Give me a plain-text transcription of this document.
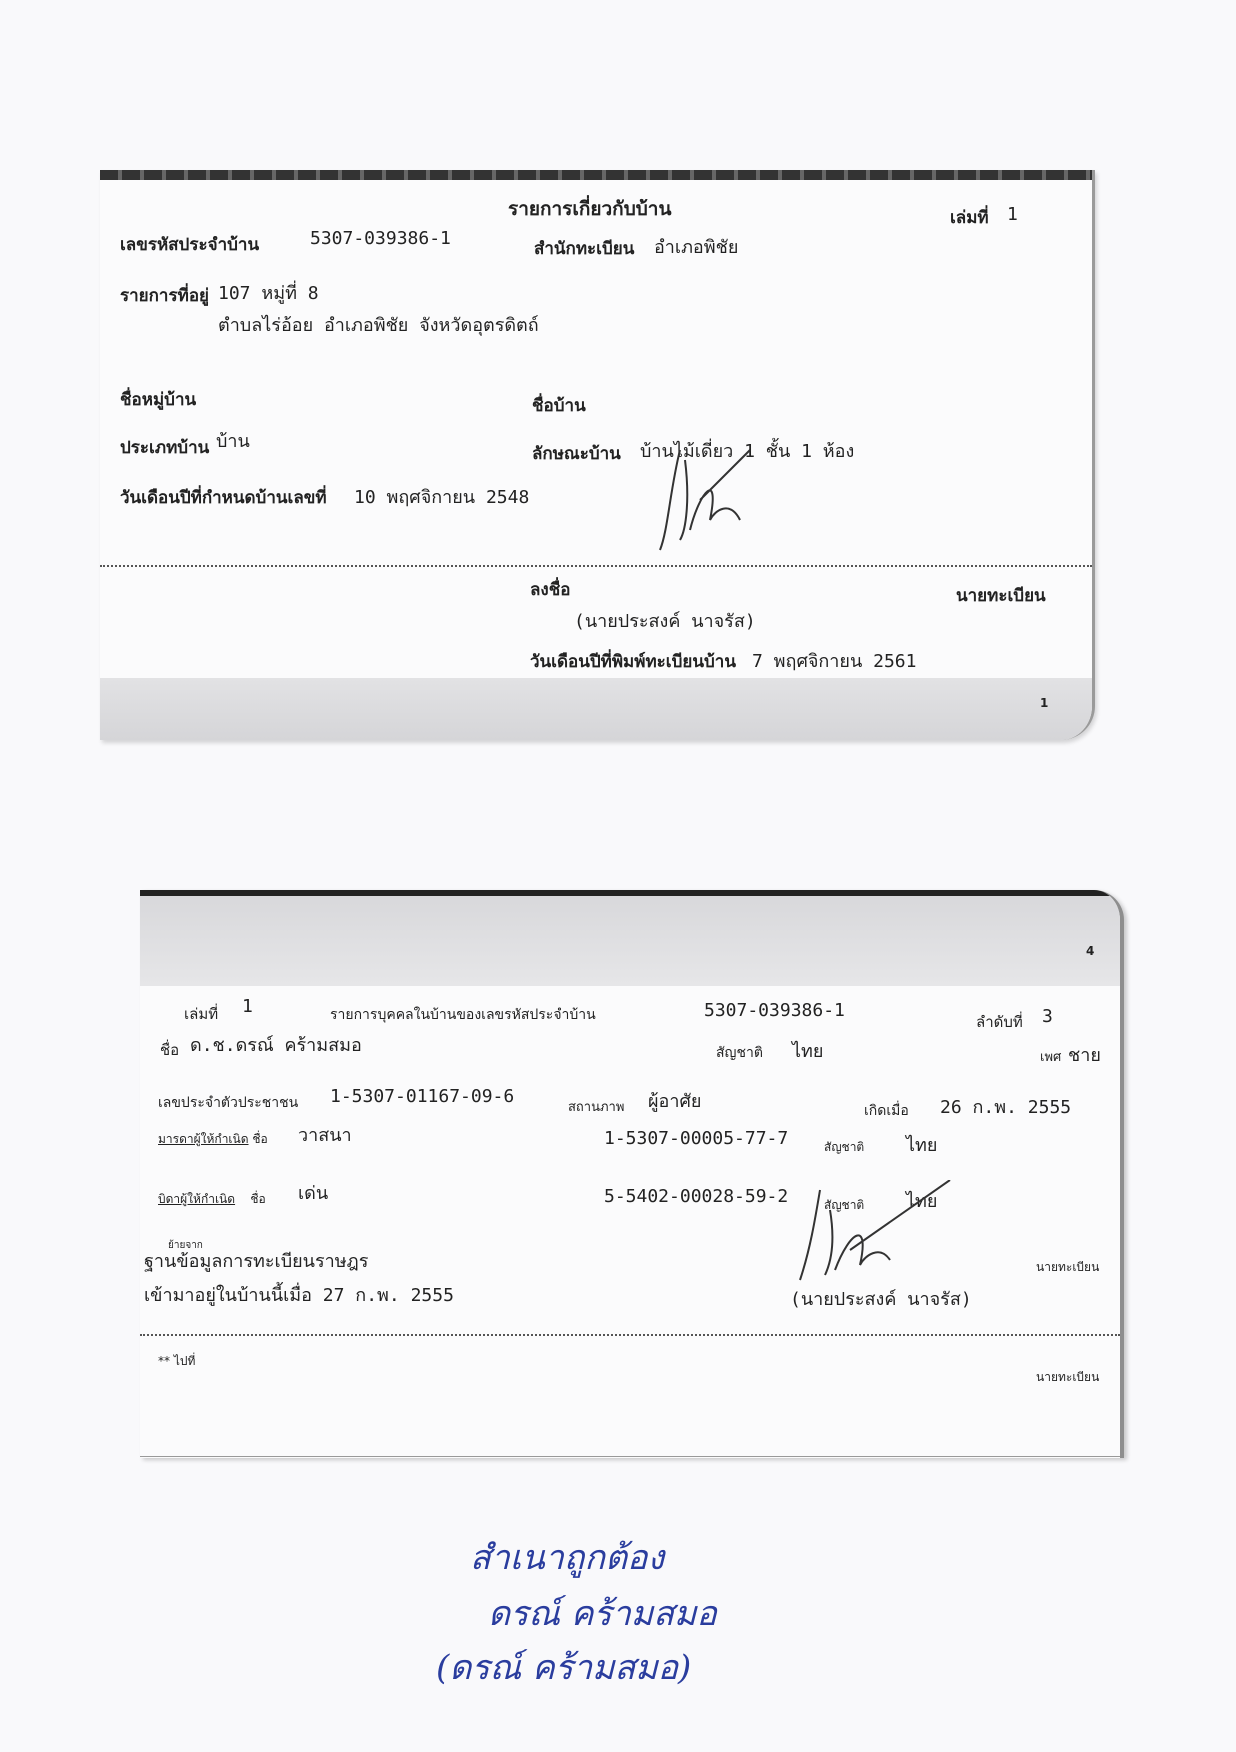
รายการเกี่ยวกับบ้าน	เล่มที่ 1
เลขรหัสประจำบ้าน	5307-039386-1	สำนักทะเบียน อำเภอพิชัย
รายการที่อยู่ 107 หมู่ที่ 8
ตำบลไร่อ้อย อำเภอพิชัย จังหวัดอุตรดิตถ์
ชื่อหมู่บ้าน	ชื่อบ้าน
ประเภทบ้าน บ้าน
ลักษณะบ้าน บ้านไม้เดี่ยว 1 ชั้น 1 ห้อง
วันเดือนปีที่กำหนดบ้านเลขที่ 10 พฤศจิกายน 2548
ลงชื่อ	นายทะเบียน
(นายประสงค์ นาจรัส)
วันเดือนปีที่พิมพ์ทะเบียนบ้าน 7 พฤศจิกายน 2561
1
4
เล่มที่ 1	รายการบุคคลในบ้านของเลขรหัสประจำบ้าน	5307-039386-1
ลำดับที่ 3
ชื่อ ด.ช.ดรณ์ คร้ามสมอ	สัญชาติ ไทย	เพศ ชาย
เลขประจำตัวประชาชน 1-5307-01167-09-6
สถานภาพ ผู้อาศัย	เกิดเมื่อ 26 ก.พ. 2555
มารดาผู้ให้กำเนิด ชื่อ วาสนา	1-5307-00005-77-7	สัญชาติ ไทย
บิดาผู้ให้กำเนิด ชื่อ เด่น	5-5402-00028-59-2	สัญชาติ ไทย
ย้ายจาก
ฐานข้อมูลการทะเบียนราษฎร
เข้ามาอยู่ในบ้านนี้เมื่อ 27 ก.พ. 2555
นายทะเบียน
(นายประสงค์ นาจรัส)
** ไปที่
นายทะเบียน
สำเนาถูกต้อง
ดรณ์ คร้ามสมอ
(ดรณ์ คร้ามสมอ)
